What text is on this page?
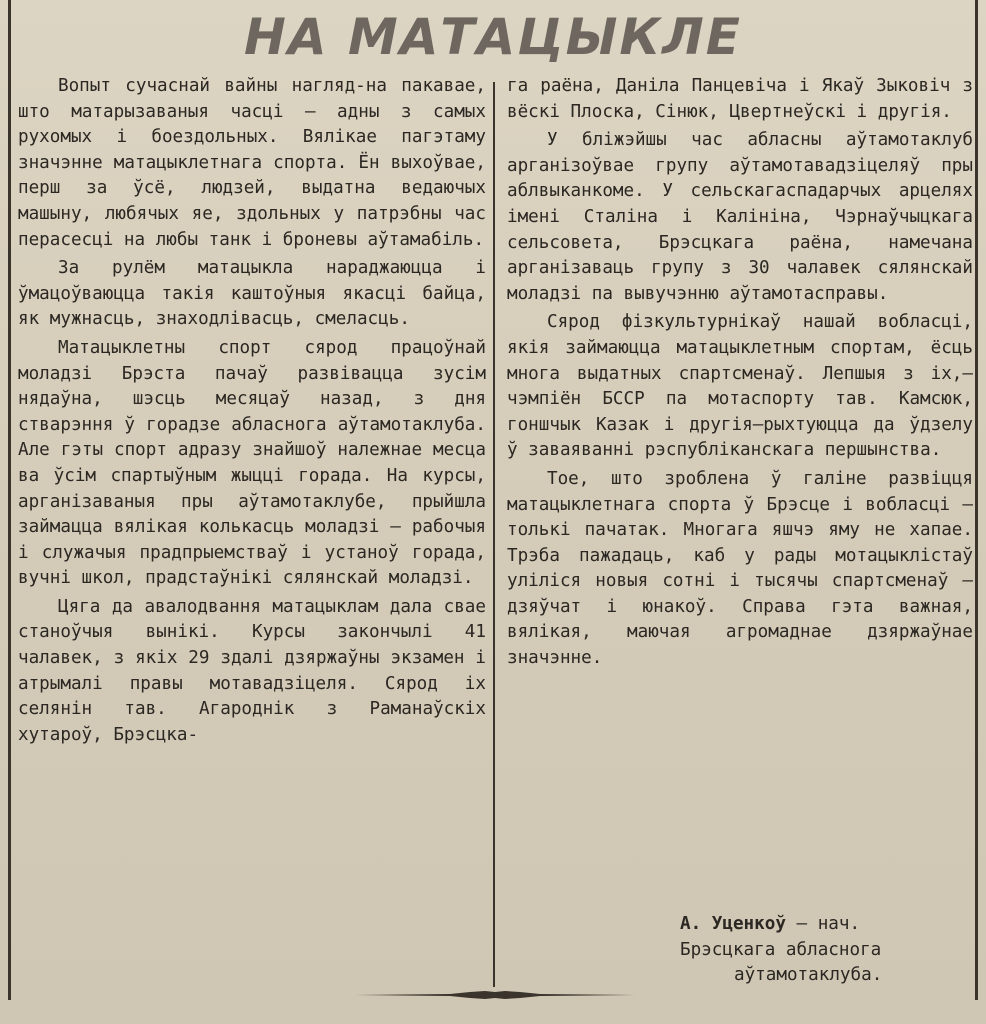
НА МАТАЦЫКЛЕ

Вопыт сучаснай вайны нагляд-на пакавае, што матарызаваныя часці — адны з самых рухомых і боездольных. Вялікае пагэтаму значэнне матацыклетнага спорта. Ён выхоўвае, перш за ўсё, людзей, выдатна ведаючых машыну, любячых яе, здольных у патрэбны час перасесці на любы танк і броневы аўтамабіль.

За рулём матацыкла нараджаюцца і ўмацоўваюцца такія каштоўныя якасці байца, як мужнасць, знаходлівасць, смеласць.

Матацыклетны спорт сярод працоўнай моладзі Брэста пачаў развівацца зусім нядаўна, шэсць месяцаў назад, з дня стварэння ў горадзе абласнога аўтамотаклуба. Але гэты спорт адразу знайшоў належнае месца ва ўсім спартыўным жыцці горада. На курсы, арганізаваныя пры аўтамотаклубе, прыйшла займацца вялікая колькасць моладзі — рабочыя і служачыя прадпрыемстваў і устаноў горада, вучні школ, прадстаўнікі сялянскай моладзі.

Цяга да авалодвання матацыклам дала свае станоўчыя вынікі. Курсы закончылі 41 чалавек, з якіх 29 здалі дзяржаўны экзамен і атрымалі правы мотавадзіцеля. Сярод іх селянін тав. Агароднік з Раманаўскіх хутароў, Брэсцка-

га раёна, Данiла Панцевiча i Якаў Зыковіч з вёскі Плоска, Сінюк, Цвертнеўскі і другія.

У бліжэйшы час абласны аўтамотаклуб арганізоўвае групу аўтамотавадзіцеляў пры аблвыканкоме. У сельскагаспадарчых арцелях імені Сталіна і Калініна, Чэрнаўчыцкага сельсовета, Брэсцкага раёна, намечана арганізаваць групу з 30 чалавек сялянскай моладзі па вывучэнню аўтамотасправы.

Сярод фізкультурнікаў нашай вобласці, якія займаюцца матацыклетным спортам, ёсць многа выдатных спартсменаў. Лепшыя з іх,—чэмпіён БССР па мотаспорту тав. Камсюк, гоншчык Казак і другія—рыхтуюцца да ўдзелу ў заваяванні рэспубліканскага першынства.

Тое, што зроблена ў галіне развіцця матацыклетнага спорта ў Брэсце і вобласці — толькі пачатак. Многага яшчэ яму не хапае. Трэба пажадаць, каб у рады мотацыклістаў уліліся новыя сотні і тысячы спартсменаў — дзяўчат і юнакоў. Справа гэта важная, вялікая, маючая агромаднае дзяржаўнае значэнне.

А. Уценкоў — нач.
Брэсцкага абласнога
аўтамотаклуба.
